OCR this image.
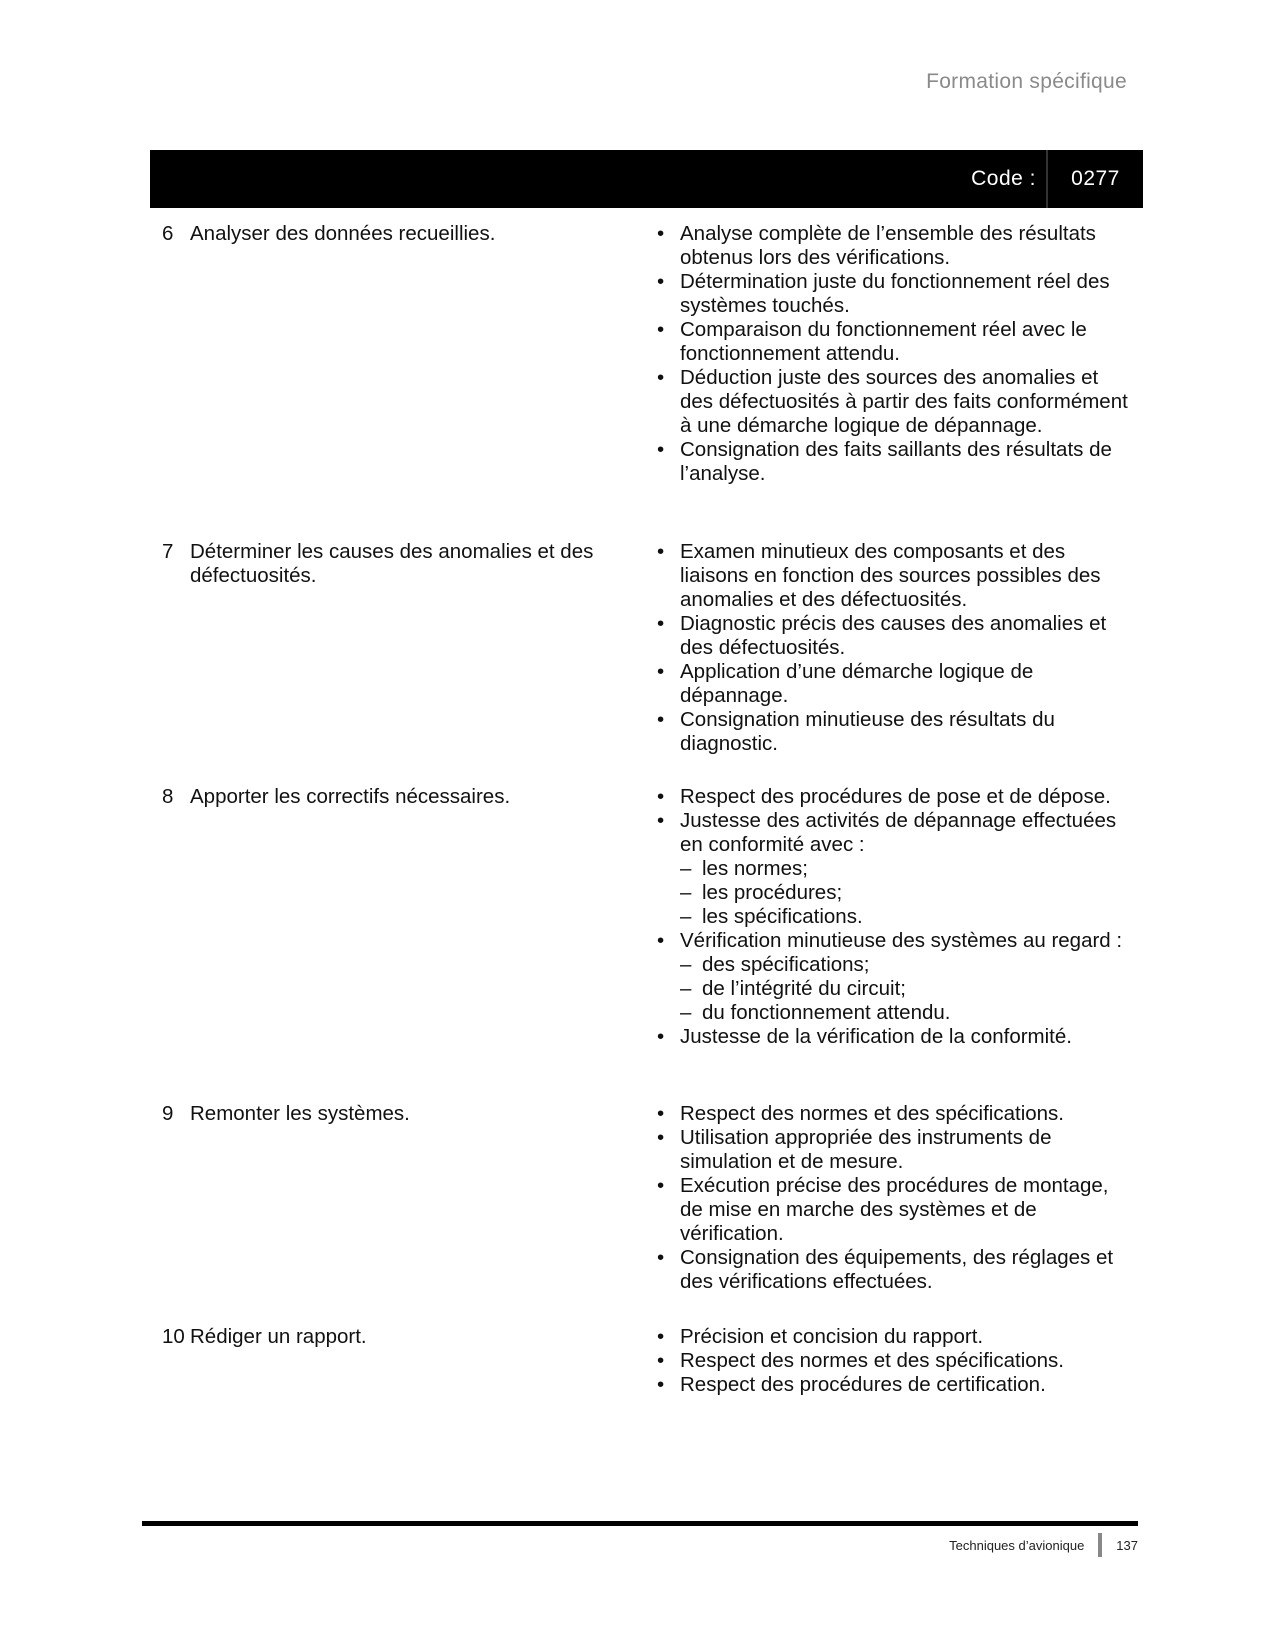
Formation spécifique
Code :	0277
6 Analyser des données recueillies.	• Analyse complète de l’ensemble des résultats obtenus lors des vérifications.
• Détermination juste du fonctionnement réel des systèmes touchés.
• Comparaison du fonctionnement réel avec le fonctionnement attendu.
• Déduction juste des sources des anomalies et des défectuosités à partir des faits conformément à une démarche logique de dépannage.
• Consignation des faits saillants des résultats de l’analyse.
7 Déterminer les causes des anomalies et des défectuosités.
• Examen minutieux des composants et des liaisons en fonction des sources possibles des anomalies et des défectuosités.
• Diagnostic précis des causes des anomalies et des défectuosités.
• Application d’une démarche logique de dépannage.
• Consignation minutieuse des résultats du diagnostic.
8 Apporter les correctifs nécessaires.	• Respect des procédures de pose et de dépose.
• Justesse des activités de dépannage effectuées en conformité avec :
– les normes;
– les procédures;
– les spécifications.
• Vérification minutieuse des systèmes au regard :
– des spécifications;
– de l’intégrité du circuit;
– du fonctionnement attendu.
• Justesse de la vérification de la conformité.
9 Remonter les systèmes.	• Respect des normes et des spécifications.
• Utilisation appropriée des instruments de simulation et de mesure.
• Exécution précise des procédures de montage, de mise en marche des systèmes et de vérification.
• Consignation des équipements, des réglages et des vérifications effectuées.
10 Rédiger un rapport.	• Précision et concision du rapport.
• Respect des normes et des spécifications.
• Respect des procédures de certification.
Techniques d’avionique 137
